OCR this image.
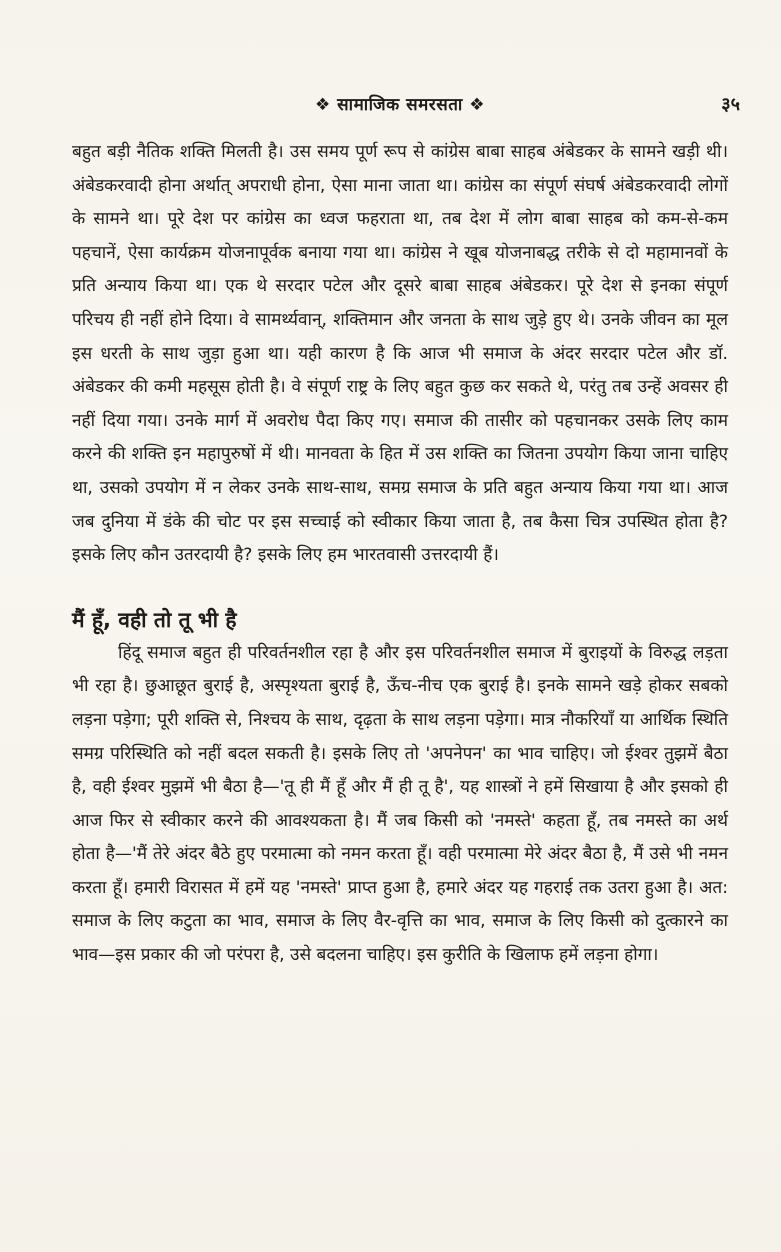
❖ सामाजिक समरसता ❖	३५

बहुत बड़ी नैतिक शक्ति मिलती है। उस समय पूर्ण रूप से कांग्रेस बाबा साहब अंबेडकर के सामने खड़ी थी। अंबेडकरवादी होना अर्थात् अपराधी होना, ऐसा माना जाता था। कांग्रेस का संपूर्ण संघर्ष अंबेडकरवादी लोगों के सामने था। पूरे देश पर कांग्रेस का ध्वज फहराता था, तब देश में लोग बाबा साहब को कम-से-कम पहचानें, ऐसा कार्यक्रम योजनापूर्वक बनाया गया था। कांग्रेस ने खूब योजनाबद्ध तरीके से दो महामानवों के प्रति अन्याय किया था। एक थे सरदार पटेल और दूसरे बाबा साहब अंबेडकर। पूरे देश से इनका संपूर्ण परिचय ही नहीं होने दिया। वे सामर्थ्यवान्, शक्तिमान और जनता के साथ जुड़े हुए थे। उनके जीवन का मूल इस धरती के साथ जुड़ा हुआ था। यही कारण है कि आज भी समाज के अंदर सरदार पटेल और डॉ. अंबेडकर की कमी महसूस होती है। वे संपूर्ण राष्ट्र के लिए बहुत कुछ कर सकते थे, परंतु तब उन्हें अवसर ही नहीं दिया गया। उनके मार्ग में अवरोध पैदा किए गए। समाज की तासीर को पहचानकर उसके लिए काम करने की शक्ति इन महापुरुषों में थी। मानवता के हित में उस शक्ति का जितना उपयोग किया जाना चाहिए था, उसको उपयोग में न लेकर उनके साथ-साथ, समग्र समाज के प्रति बहुत अन्याय किया गया था। आज जब दुनिया में डंके की चोट पर इस सच्चाई को स्वीकार किया जाता है, तब कैसा चित्र उपस्थित होता है? इसके लिए कौन उतरदायी है? इसके लिए हम भारतवासी उत्तरदायी हैं।

मैं हूँ, वही तो तू भी है

हिंदू समाज बहुत ही परिवर्तनशील रहा है और इस परिवर्तनशील समाज में बुराइयों के विरुद्ध लड़ता भी रहा है। छुआछूत बुराई है, अस्पृश्यता बुराई है, ऊँच-नीच एक बुराई है। इनके सामने खड़े होकर सबको लड़ना पड़ेगा; पूरी शक्ति से, निश्चय के साथ, दृढ़ता के साथ लड़ना पड़ेगा। मात्र नौकरियाँ या आर्थिक स्थिति समग्र परिस्थिति को नहीं बदल सकती है। इसके लिए तो 'अपनेपन' का भाव चाहिए। जो ईश्वर तुझमें बैठा है, वही ईश्वर मुझमें भी बैठा है—'तू ही मैं हूँ और मैं ही तू है', यह शास्त्रों ने हमें सिखाया है और इसको ही आज फिर से स्वीकार करने की आवश्यकता है। मैं जब किसी को 'नमस्ते' कहता हूँ, तब नमस्ते का अर्थ होता है—'मैं तेरे अंदर बैठे हुए परमात्मा को नमन करता हूँ। वही परमात्मा मेरे अंदर बैठा है, मैं उसे भी नमन करता हूँ। हमारी विरासत में हमें यह 'नमस्ते' प्राप्त हुआ है, हमारे अंदर यह गहराई तक उतरा हुआ है। अत: समाज के लिए कटुता का भाव, समाज के लिए वैर-वृत्ति का भाव, समाज के लिए किसी को दुत्कारने का भाव—इस प्रकार की जो परंपरा है, उसे बदलना चाहिए। इस कुरीति के खिलाफ हमें लड़ना होगा।
